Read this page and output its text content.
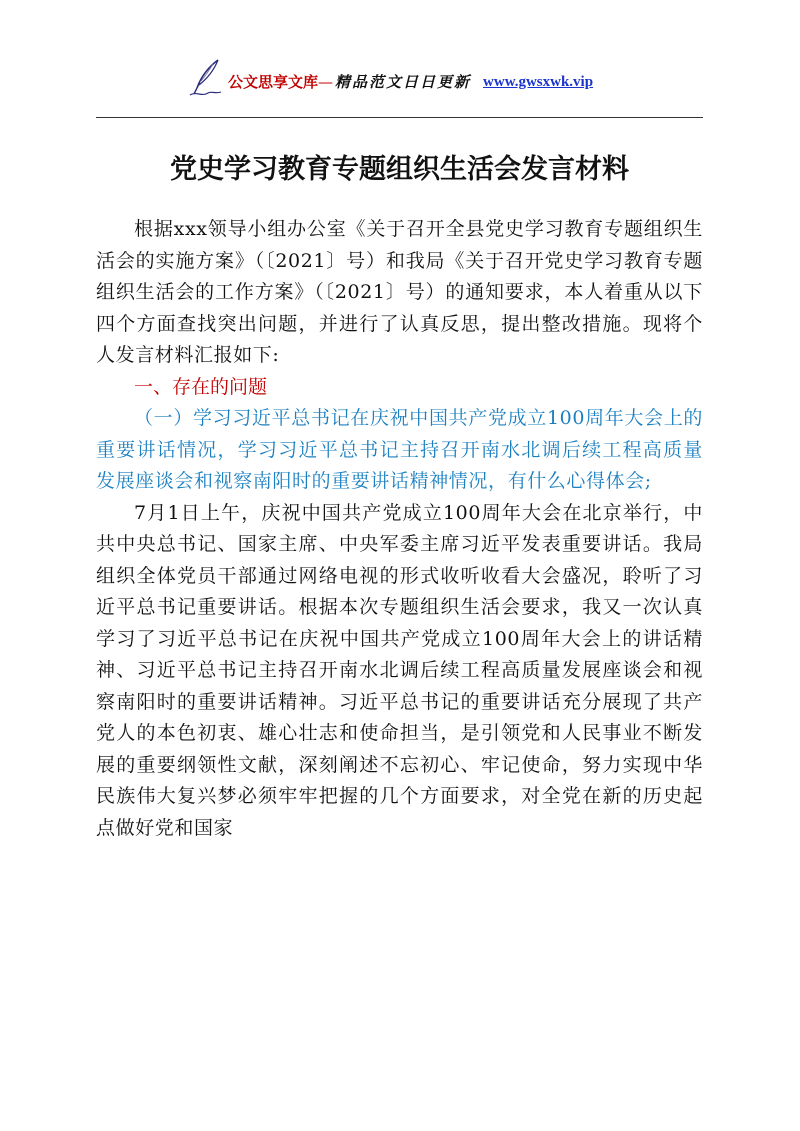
公文思享文库 — 精品范文日日更新 www.gwsxwk.vip
党史学习教育专题组织生活会发言材料

根据xxx领导小组办公室《关于召开全县党史学习教育专题组织生活会的实施方案》（〔2021〕号）和我局《关于召开党史学习教育专题组织生活会的工作方案》（〔2021〕号）的通知要求，本人着重从以下四个方面查找突出问题，并进行了认真反思，提出整改措施。现将个人发言材料汇报如下:

一、存在的问题

（一）学习习近平总书记在庆祝中国共产党成立100周年大会上的重要讲话情况，学习习近平总书记主持召开南水北调后续工程高质量发展座谈会和视察南阳时的重要讲话精神情况，有什么心得体会;

7月1日上午，庆祝中国共产党成立100周年大会在北京举行，中共中央总书记、国家主席、中央军委主席习近平发表重要讲话。我局组织全体党员干部通过网络电视的形式收听收看大会盛况，聆听了习近平总书记重要讲话。根据本次专题组织生活会要求，我又一次认真学习了习近平总书记在庆祝中国共产党成立100周年大会上的讲话精神、习近平总书记主持召开南水北调后续工程高质量发展座谈会和视察南阳时的重要讲话精神。习近平总书记的重要讲话充分展现了共产党人的本色初衷、雄心壮志和使命担当，是引领党和人民事业不断发展的重要纲领性文献，深刻阐述不忘初心、牢记使命，努力实现中华民族伟大复兴梦必须牢牢把握的几个方面要求，对全党在新的历史起点做好党和国家
